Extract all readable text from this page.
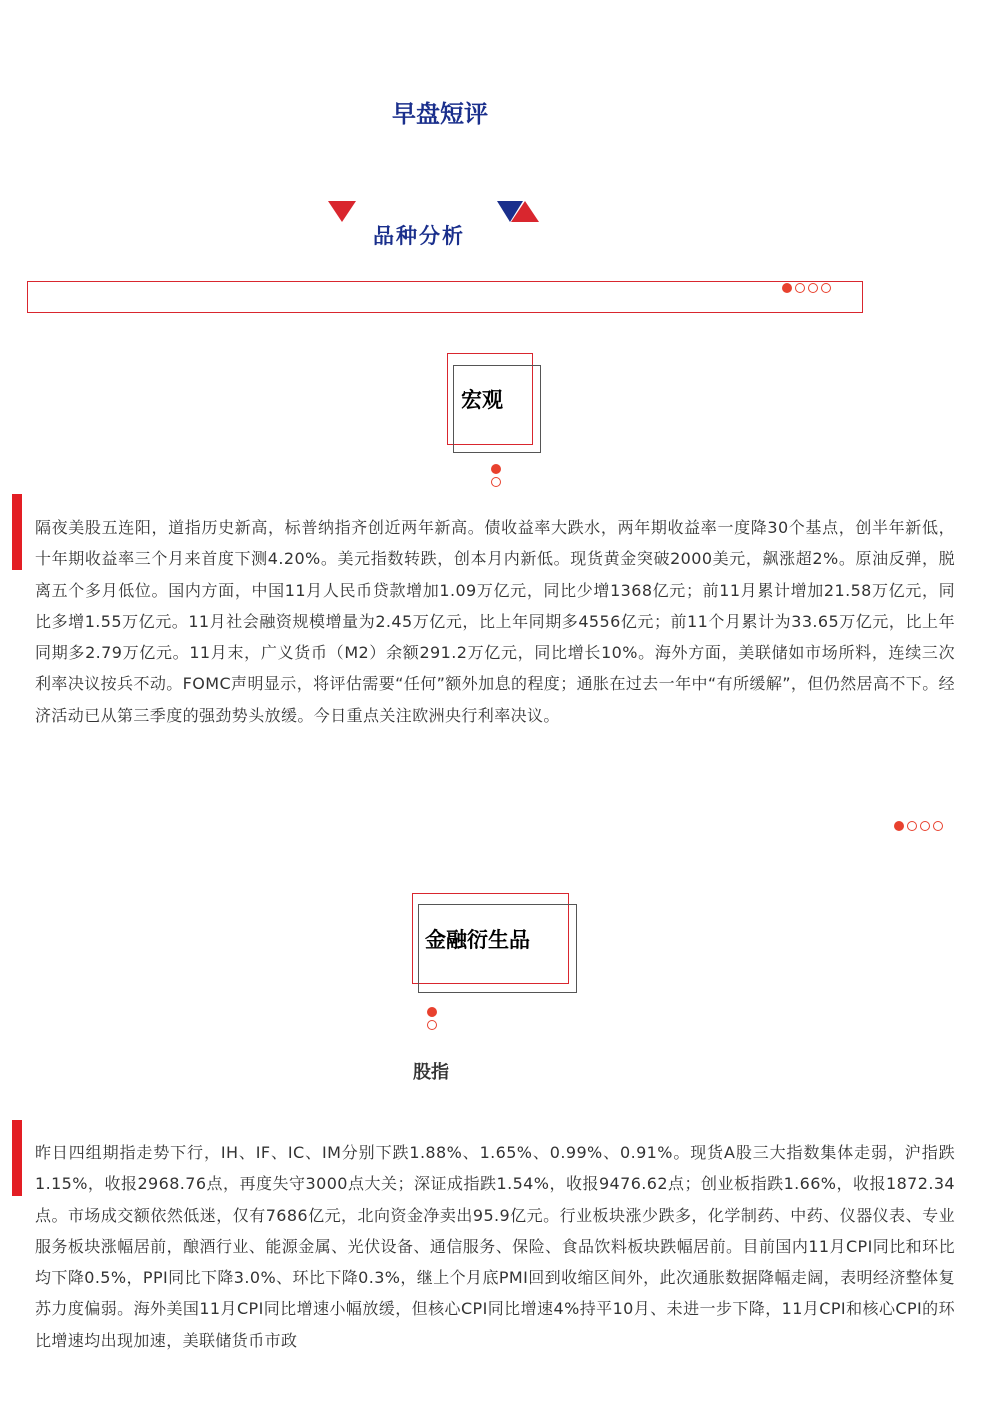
早盘短评
品种分析
宏观
隔夜美股五连阳，道指历史新高，标普纳指齐创近两年新高。债收益率大跌水，两年期收益率一度降30个基点，创半年新低，十年期收益率三个月来首度下测4.20%。美元指数转跌，创本月内新低。现货黄金突破2000美元，飙涨超2%。原油反弹，脱离五个多月低位。国内方面，中国11月人民币贷款增加1.09万亿元，同比少增1368亿元；前11月累计增加21.58万亿元，同比多增1.55万亿元。11月社会融资规模增量为2.45万亿元，比上年同期多4556亿元；前11个月累计为33.65万亿元，比上年同期多2.79万亿元。11月末，广义货币（M2）余额291.2万亿元，同比增长10%。海外方面，美联储如市场所料，连续三次利率决议按兵不动。FOMC声明显示，将评估需要“任何”额外加息的程度；通胀在过去一年中“有所缓解”，但仍然居高不下。经济活动已从第三季度的强劲势头放缓。今日重点关注欧洲央行利率决议。
金融衍生品
股指
昨日四组期指走势下行，IH、IF、IC、IM分别下跌1.88%、1.65%、0.99%、0.91%。现货A股三大指数集体走弱，沪指跌1.15%，收报2968.76点，再度失守3000点大关；深证成指跌1.54%，收报9476.62点；创业板指跌1.66%，收报1872.34点。市场成交额依然低迷，仅有7686亿元，北向资金净卖出95.9亿元。行业板块涨少跌多，化学制药、中药、仪器仪表、专业服务板块涨幅居前，酿酒行业、能源金属、光伏设备、通信服务、保险、食品饮料板块跌幅居前。目前国内11月CPI同比和环比均下降0.5%，PPI同比下降3.0%、环比下降0.3%，继上个月底PMI回到收缩区间外，此次通胀数据降幅走阔，表明经济整体复苏力度偏弱。海外美国11月CPI同比增速小幅放缓，但核心CPI同比增速4%持平10月、未进一步下降，11月CPI和核心CPI的环比增速均出现加速，美联储货币市政
